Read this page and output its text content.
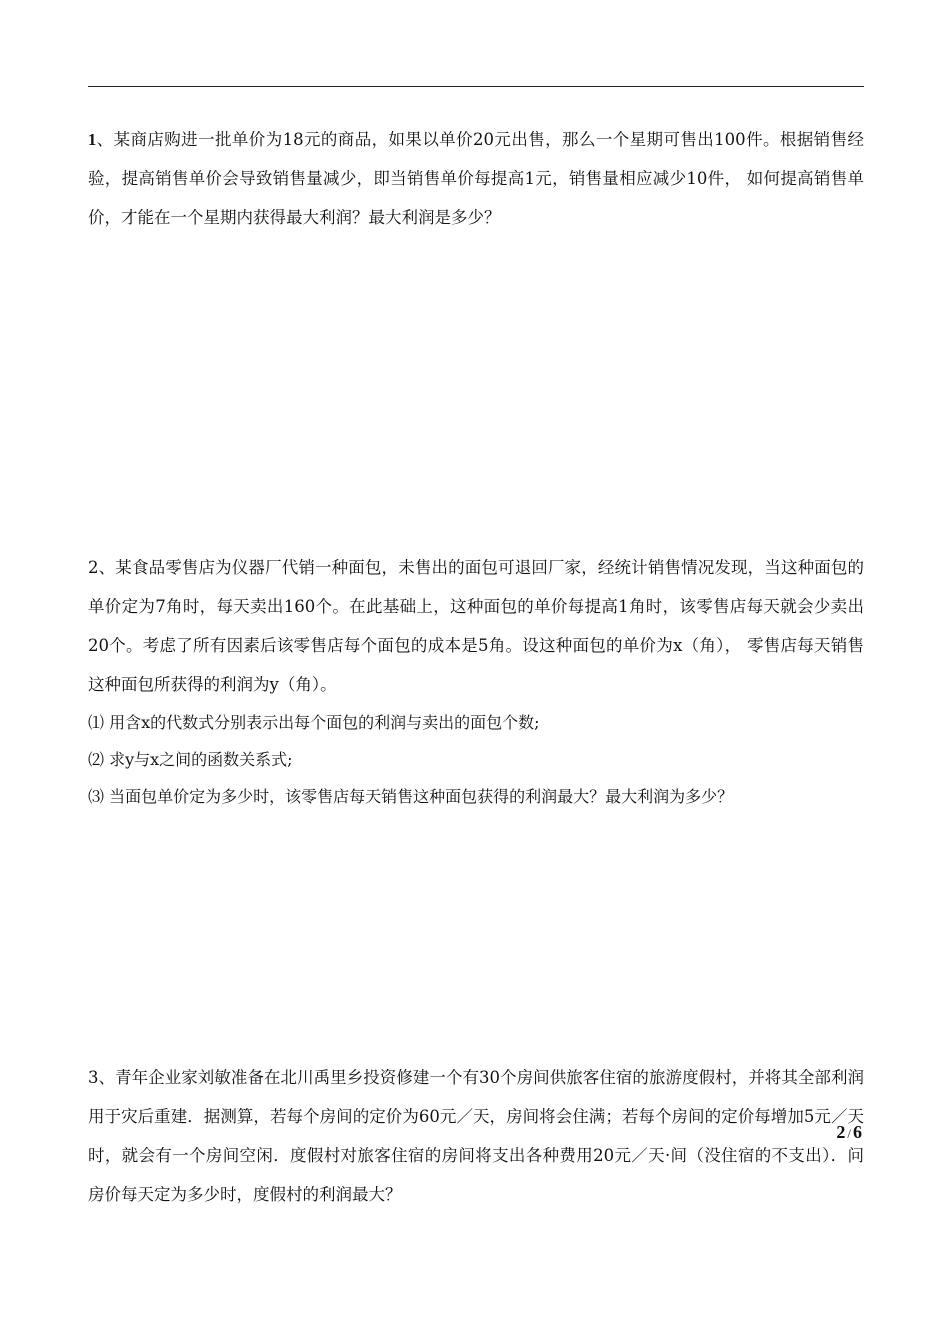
1、某商店购进一批单价为18元的商品，如果以单价20元出售，那么一个星期可售出100件。根据销售经验，提高销售单价会导致销售量减少，即当销售单价每提高1元，销售量相应减少10件， 如何提高销售单价，才能在一个星期内获得最大利润？最大利润是多少？

2、某食品零售店为仪器厂代销一种面包，未售出的面包可退回厂家，经统计销售情况发现，当这种面包的单价定为7角时，每天卖出160个。在此基础上，这种面包的单价每提高1角时，该零售店每天就会少卖出20个。考虑了所有因素后该零售店每个面包的成本是5角。设这种面包的单价为x（角）， 零售店每天销售这种面包所获得的利润为y（角）。

⑴ 用含x的代数式分别表示出每个面包的利润与卖出的面包个数;

⑵ 求y与x之间的函数关系式;

⑶ 当面包单价定为多少时，该零售店每天销售这种面包获得的利润最大？最大利润为多少？

3、青年企业家刘敏准备在北川禹里乡投资修建一个有30个房间供旅客住宿的旅游度假村，并将其全部利润用于灾后重建．据测算，若每个房间的定价为60元／天，房间将会住满；若每个房间的定价每增加5元／天时，就会有一个房间空闲．度假村对旅客住宿的房间将支出各种费用20元／天·间（没住宿的不支出）．问房价每天定为多少时，度假村的利润最大？

2 / 6
